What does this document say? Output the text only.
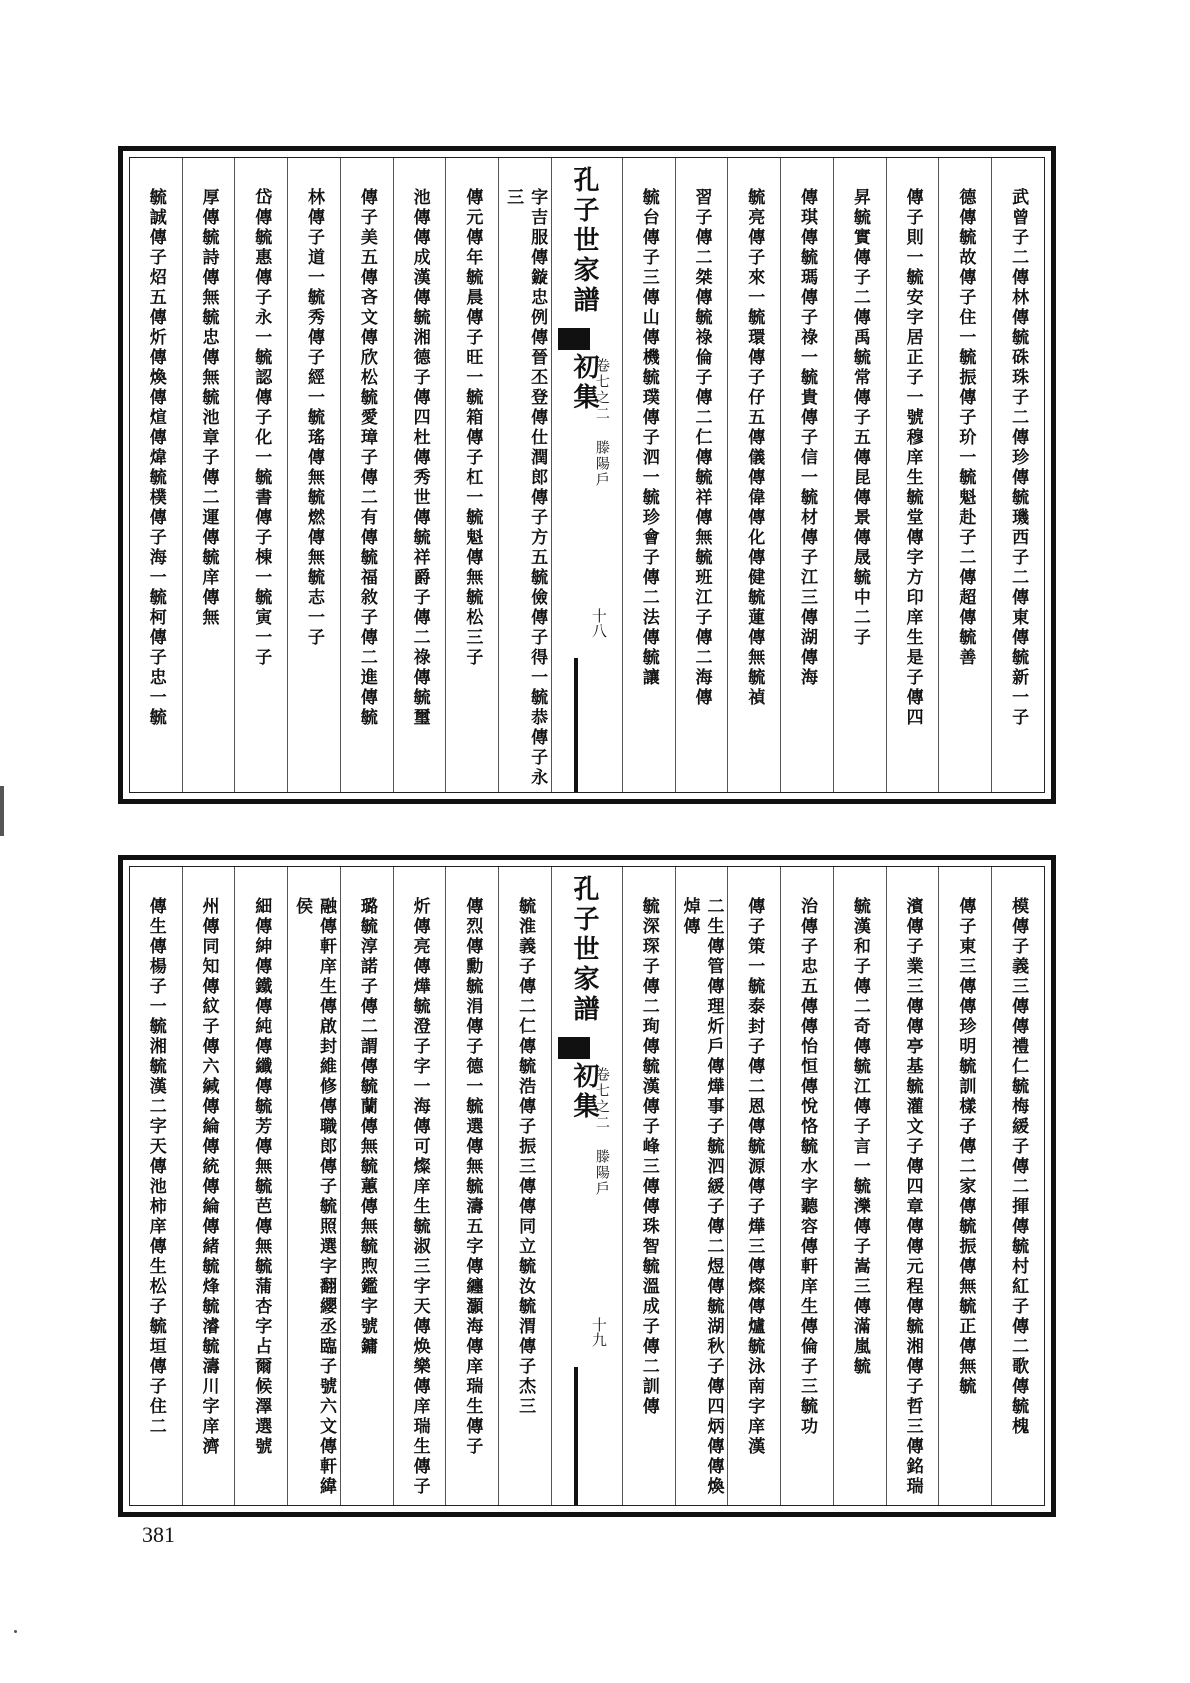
武曾子二傳林傳毓硃珠子二傳珍傳毓璣西子二傳東傳毓新一子
德傳毓故傳子住一毓振傳子玠一毓魁赴子二傳超傳毓善
傳子則一毓安字居正子一號穆庠生毓堂傳字方印庠生是子傳四
昇毓實傳子二傳禹毓常傳子五傳昆傳景傳晟毓中二子
傳琪傳毓瑪傳子祿一毓貴傳子信一毓材傳子江三傳湖傳海
毓亮傳子來一毓環傳子仔五傳儀傳偉傳化傳健毓蓮傳無毓禎
習子傳二桀傳毓祿倫子傳二仁傳毓祥傳無毓班江子傳二海傳
毓台傳子三傳山傳機毓璞傳子泗一毓珍會子傳二法傳毓讓
孔子世家譜
初集
卷七之二 滕陽戶
十八
字吉服傳鏇忠例傳晉丕登傳仕潤郎傳子方五毓儉傳子得一毓恭傳子永三
傳元傳年毓晨傳子旺一毓箱傳子杠一毓魁傳無毓松三子
池傳傳成漢傳毓湘德子傳四杜傳秀世傳毓祥爵子傳二祿傳毓璽
傳子美五傳吝文傳欣松毓愛璋子傳二有傳毓福敘子傳二進傳毓
林傳子道一毓秀傳子經一毓瑤傳無毓燃傳無毓志一子
岱傳毓惠傳子永一毓認傳子化一毓書傳子棟一毓寅一子
厚傳毓詩傳無毓忠傳無毓池章子傳二運傳毓庠傳無
毓誠傳子炤五傳炘傳煥傳煊傳煒毓樸傳子海一毓柯傳子忠一毓
模傳子義三傳傳禮仁毓梅緩子傳二揮傳毓村紅子傳二歌傳毓槐
傳子東三傳傳珍明毓訓樣子傳二家傳毓振傳無毓正傳無毓
濱傳子業三傳傳亭基毓灌文子傳四章傳傳元程傳毓湘傳子哲三傳銘瑞
毓漢和子傳二奇傳毓江傳子言一毓濼傳子嵩三傳滿嵐毓
治傳子忠五傳傳怡恒傳悅恪毓水字聽容傳軒庠生傳倫子三毓功
傳子策一毓泰封子傳二恩傳毓源傳子燁三傳燦傳爐毓泳南字庠漢
二生傳管傳理炘戶傳燁事子毓泗緩子傳二煜傳毓湖秋子傳四炳傳傳煥焯傳
毓深琛子傳二珣傳毓漢傳子峰三傳傳珠智毓溫成子傳二訓傳
孔子世家譜
初集
卷七之二 滕陽戶
十九
毓淮義子傳二仁傳毓浩傳子振三傳傳同立毓汝毓渭傳子杰三
傳烈傳勳毓涓傳子德一毓選傳無毓濤五字傳纏灝海傳庠瑞生傳子
炘傳亮傳燁毓澄子字一海傳可燦庠生毓淑三字天傳焕樂傳庠瑞生傳子
璐毓淳諾子傳二謂傳毓蘭傳無毓蕙傳無毓煦鑑字號鏞
融傳軒庠生傳啟封維修傳職郎傳子毓照選字翻纓丞臨子號六文傳軒緯侯
細傳紳傳鐵傳純傳纖傳毓芳傳無毓芭傳無毓蒲杏字占爾候澤選號
州傳同知傳紋子傳六緘傳綸傳統傳綸傳緒毓烽毓濬毓濤川字庠濟
傳生傳楊子一毓湘毓漢二字天傳池柿庠傳生松子毓垣傳子住二
381
